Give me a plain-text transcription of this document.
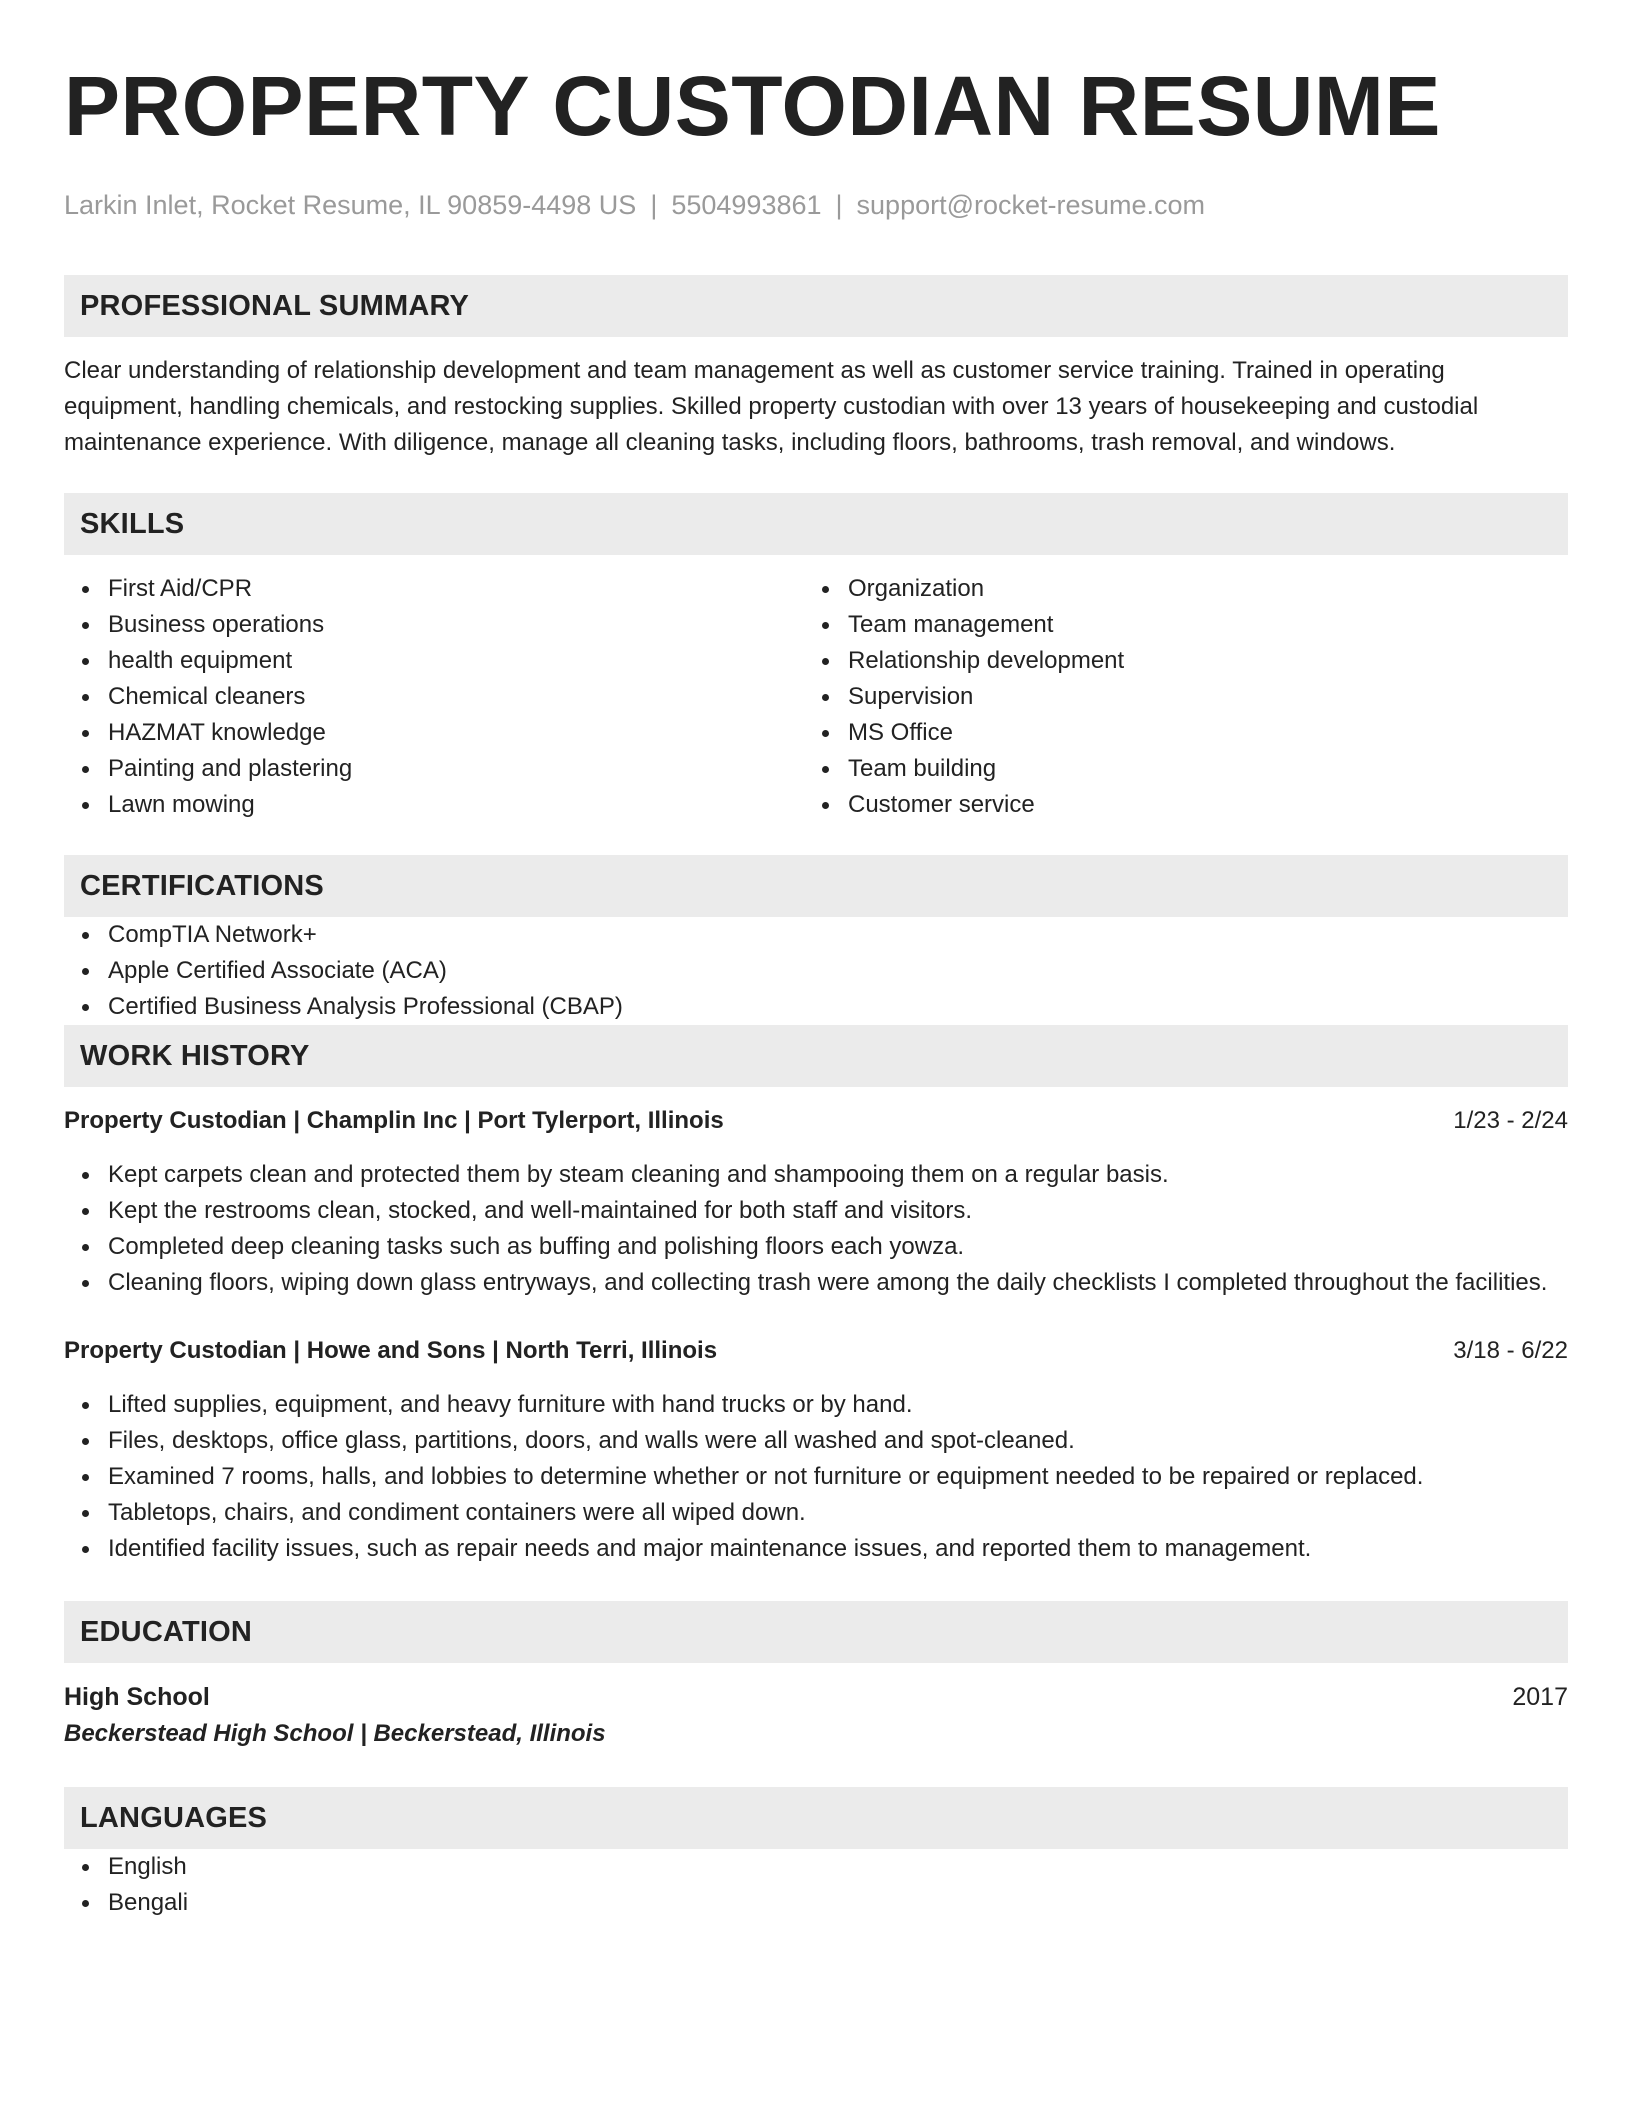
PROPERTY CUSTODIAN RESUME
Larkin Inlet, Rocket Resume, IL 90859-4498 US | 5504993861 | support@rocket-resume.com
PROFESSIONAL SUMMARY
Clear understanding of relationship development and team management as well as customer service training. Trained in operating equipment, handling chemicals, and restocking supplies. Skilled property custodian with over 13 years of housekeeping and custodial maintenance experience. With diligence, manage all cleaning tasks, including floors, bathrooms, trash removal, and windows.
SKILLS
First Aid/CPR
Business operations
health equipment
Chemical cleaners
HAZMAT knowledge
Painting and plastering
Lawn mowing
Organization
Team management
Relationship development
Supervision
MS Office
Team building
Customer service
CERTIFICATIONS
CompTIA Network+
Apple Certified Associate (ACA)
Certified Business Analysis Professional (CBAP)
WORK HISTORY
Property Custodian | Champlin Inc | Port Tylerport, Illinois	1/23 - 2/24
Kept carpets clean and protected them by steam cleaning and shampooing them on a regular basis.
Kept the restrooms clean, stocked, and well-maintained for both staff and visitors.
Completed deep cleaning tasks such as buffing and polishing floors each yowza.
Cleaning floors, wiping down glass entryways, and collecting trash were among the daily checklists I completed throughout the facilities.
Property Custodian | Howe and Sons | North Terri, Illinois	3/18 - 6/22
Lifted supplies, equipment, and heavy furniture with hand trucks or by hand.
Files, desktops, office glass, partitions, doors, and walls were all washed and spot-cleaned.
Examined 7 rooms, halls, and lobbies to determine whether or not furniture or equipment needed to be repaired or replaced.
Tabletops, chairs, and condiment containers were all wiped down.
Identified facility issues, such as repair needs and major maintenance issues, and reported them to management.
EDUCATION
High School	2017
Beckerstead High School | Beckerstead, Illinois
LANGUAGES
English
Bengali
